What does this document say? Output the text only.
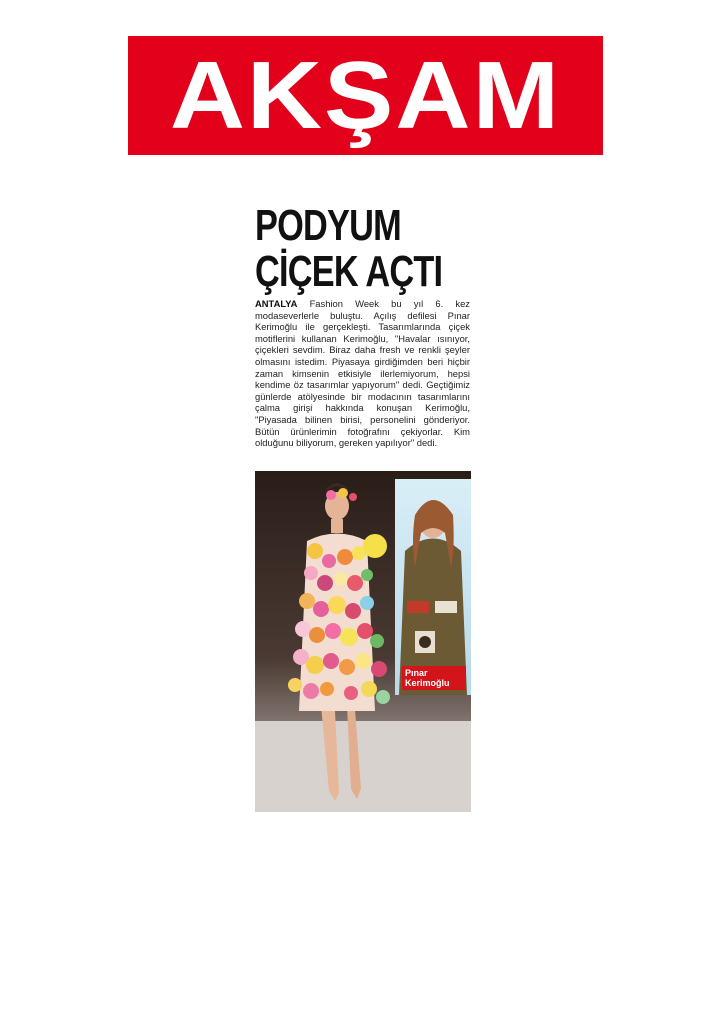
AKŞAM
PODYUM
ÇİÇEK AÇTI

ANTALYA Fashion Week bu yıl 6. kez modaseverlerle buluştu. Açılış defilesi Pınar Kerimoğlu ile gerçekleşti. Tasarımlarında çiçek motiflerini kullanan Kerimoğlu, "Havalar ısınıyor, çiçekleri sevdim. Biraz daha fresh ve renkli şeyler olmasını istedim. Piyasaya girdiğimden beri hiçbir zaman kimsenin etkisiyle ilerlemiyorum, hepsi kendime öz tasarımlar yapıyorum" dedi. Geçtiğimiz günlerde atölyesinde bir modacının tasarımlarını çalma girişi hakkında konuşan Kerimoğlu, "Piyasada bilinen birisi, personelini gönderiyor. Bütün ürünlerimin fotoğrafını çekiyorlar. Kim olduğunu biliyorum, gereken yapılıyor" dedi.

Pınar
Kerimoğlu
